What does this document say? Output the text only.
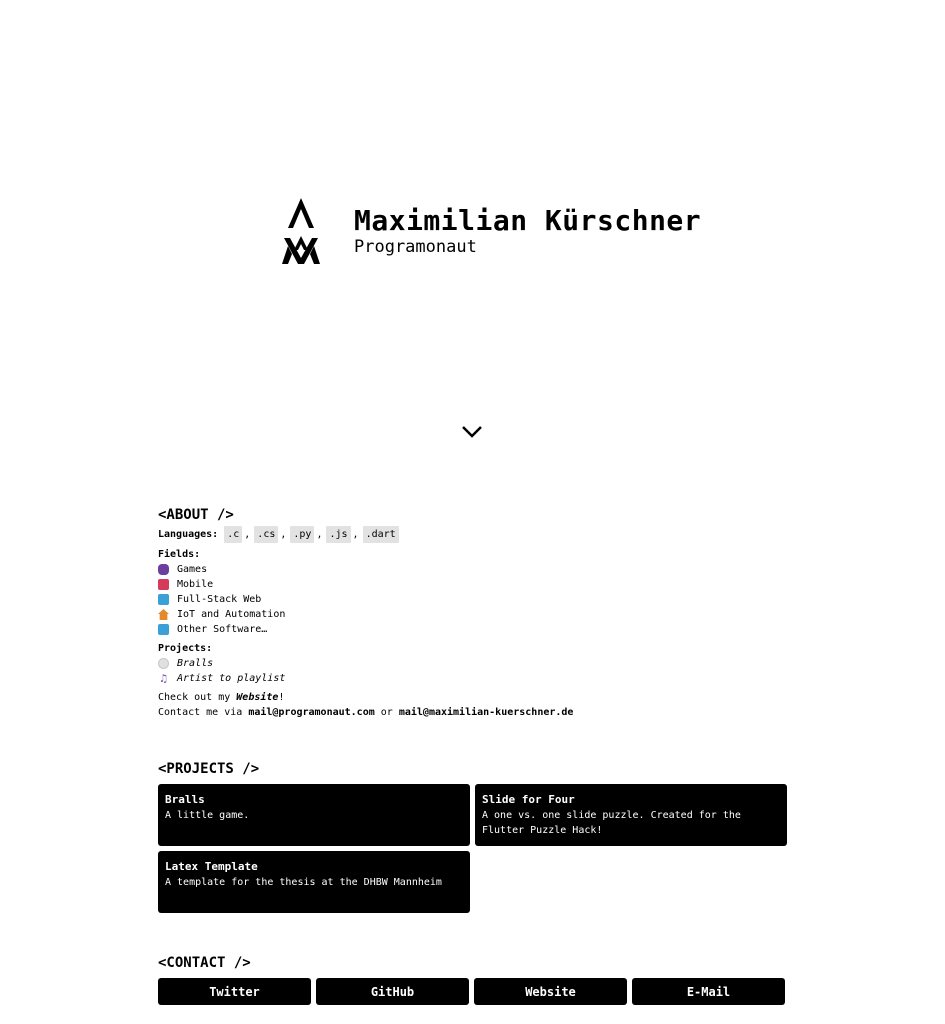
Maximilian Kürschner
Programonaut
<ABOUT />
Languages: .c , .cs , .py , .js , .dart
Fields:
Games
Mobile
Full-Stack Web
IoT and Automation
Other Software…
Projects:
Bralls
♫ Artist to playlist
Check out my Website!
Contact me via mail@programonaut.com or mail@maximilian-kuerschner.de
<PROJECTS />
Bralls
A little game.
Slide for Four
A one vs. one slide puzzle. Created for the Flutter Puzzle Hack!
Latex Template
A template for the thesis at the DHBW Mannheim
<CONTACT />
Twitter	GitHub	Website	E-Mail
